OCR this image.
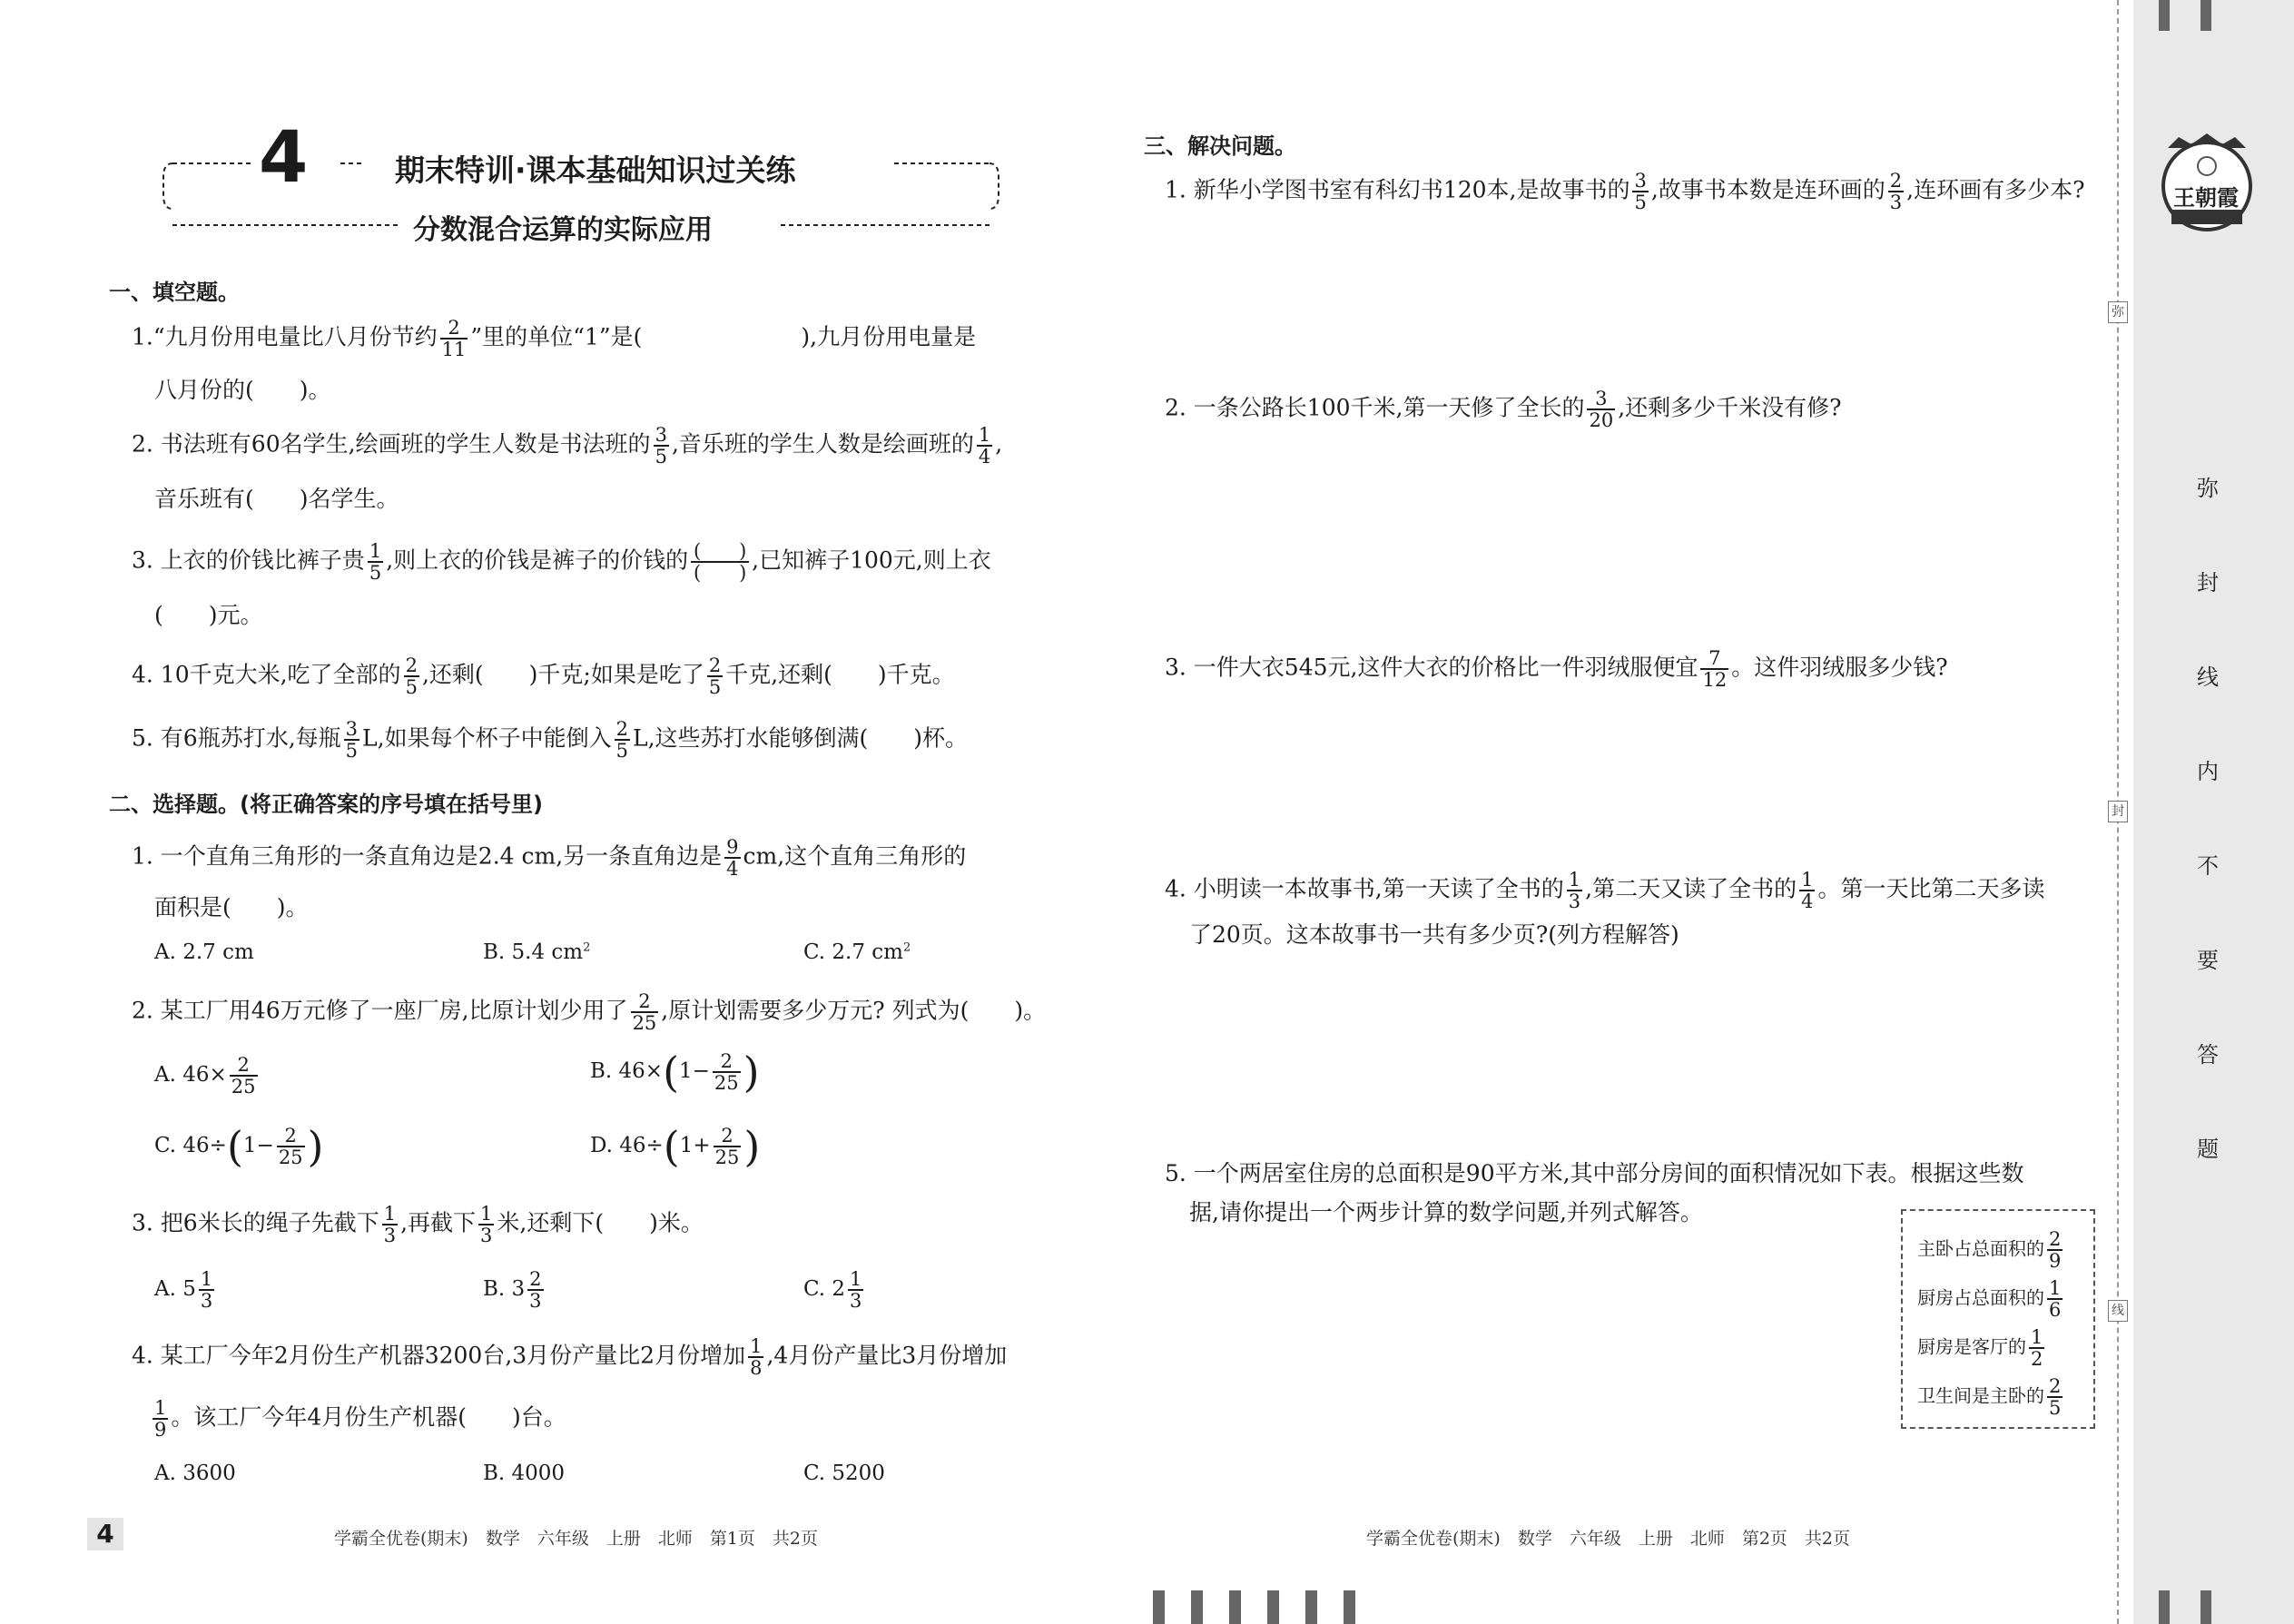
4	期末特训·课本基础知识过关练
分数混合运算的实际应用
一、填空题。
1.“九月份用电量比八月份节约 $\frac{2}{11}$ ”里的单位“1”是(	),九月份用电量是
八月份的(　　)。
2. 书法班有60名学生,绘画班的学生人数是书法班的 $\frac{3}{5}$ ,音乐班的学生人数是绘画班的 $\frac{1}{4}$ ,
音乐班有(　　)名学生。
3. 上衣的价钱比裤子贵 $\frac{1}{5}$ ,则上衣的价钱是裤子的价钱的 $\frac{( )}{( )}$ ,已知裤子100元,则上衣
(　　)元。
4. 10千克大米,吃了全部的 $\frac{2}{5}$ ,还剩(　　)千克;如果是吃了 $\frac{2}{5}$ 千克,还剩(　　)千克。
5. 有6瓶苏打水,每瓶 $\frac{3}{5} L$,如果每个杯子中能倒入 $\frac{2}{5} L$,这些苏打水能够倒满(　　)杯。
二、选择题。(将正确答案的序号填在括号里)
1. 一个直角三角形的一条直角边是2.4 cm,另一条直角边是 $\frac{9}{4}$ cm,这个直角三角形的
面积是(　　)。
A. 2.7 cm	B. 5.4 $cm^2$	C. 2.7 $cm^2$
2. 某工厂用46万元修了一座厂房,比原计划少用了 $\frac{2}{25}$ ,原计划需要多少万元? 列式为(　　)。
A. $46\times \frac{2}{25}$	B. $46\times(1- \frac{2}{25}$ )
C. $46\div(1- \frac{2}{25}$ )	D. $46\div(1+ \frac{2}{25}$ )
3. 把6米长的绳子先截下 $\frac{1}{3}$ ,再截下 $\frac{1}{3}$ 米,还剩下(　　)米。
A. $5 \frac{1}{3}$	B. $3 \frac{2}{3}$	C. $2 \frac{1}{3}$
4. 某工厂今年2月份生产机器3200台,3月份产量比2月份增加 $\frac{1}{8} ,4$月份产量比3月份增加
$\frac{1}{9}$ 。该工厂今年4月份生产机器(　　)台。
A. 3600	B. 4000	C. 5200
三、解决问题。
1. 新华小学图书室有科幻书120本,是故事书的 $\frac{3}{5}$ ,故事书本数是连环画的 $\frac{2}{3}$ ,连环画有多少本?
2. 一条公路长100千米,第一天修了全长的 $\frac{3}{20}$ ,还剩多少千米没有修?
3. 一件大衣545元,这件大衣的价格比一件羽绒服便宜 $\frac{7}{12}$ 。这件羽绒服多少钱?
4. 小明读一本故事书,第一天读了全书的 $\frac{1}{3}$ ,第二天又读了全书的 $\frac{1}{4}$ 。第一天比第二天多读
了20页。这本故事书一共有多少页?(列方程解答)
5. 一个两居室住房的总面积是90平方米,其中部分房间的面积情况如下表。根据这些数
据,请你提出一个两步计算的数学问题,并列式解答。
主卧占总面积的 $\frac{2}{9}$
厨房占总面积的 $\frac{1}{6}$
厨房是客厅的 $\frac{1}{2}$
卫生间是主卧的 $\frac{2}{5}$
4	学霸全优卷(期末)　数学　六年级　上册　北师　第1页　共2页	学霸全优卷(期末)　数学　六年级　上册　北师　第2页　共2页
王朝霞
弥
封
线
弥
封
线
内
不
要
答
题
